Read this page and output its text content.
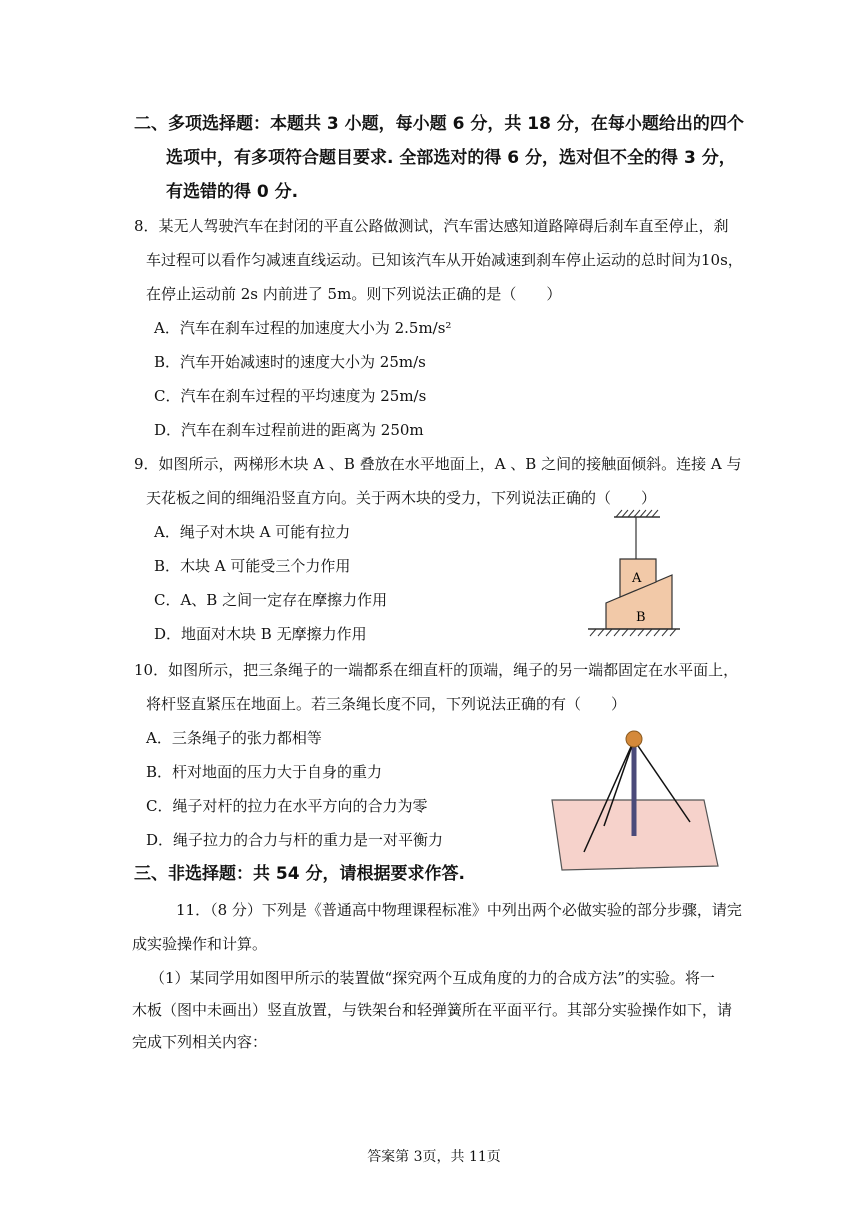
二、多项选择题：本题共 3 小题，每小题 6 分，共 18 分，在每小题给出的四个
选项中，有多项符合题目要求. 全部选对的得 6 分，选对但不全的得 3 分，
有选错的得 0 分.
8．某无人驾驶汽车在封闭的平直公路做测试，汽车雷达感知道路障碍后刹车直至停止，刹
车过程可以看作匀减速直线运动。已知该汽车从开始减速到刹车停止运动的总时间为10s，
在停止运动前 2s 内前进了 5m。则下列说法正确的是（　　）
A．汽车在刹车过程的加速度大小为 2.5m/s²
B．汽车开始减速时的速度大小为 25m/s
C．汽车在刹车过程的平均速度为 25m/s
D．汽车在刹车过程前进的距离为 250m
9．如图所示，两梯形木块 A 、B 叠放在水平地面上，A 、B 之间的接触面倾斜。连接 A 与
天花板之间的细绳沿竖直方向。关于两木块的受力，下列说法正确的（　　）
A．绳子对木块 A 可能有拉力
B．木块 A 可能受三个力作用
C．A、B 之间一定存在摩擦力作用
D．地面对木块 B 无摩擦力作用
A
B
10．如图所示，把三条绳子的一端都系在细直杆的顶端，绳子的另一端都固定在水平面上，
将杆竖直紧压在地面上。若三条绳长度不同，下列说法正确的有（　　）
A．三条绳子的张力都相等
B．杆对地面的压力大于自身的重力
C．绳子对杆的拉力在水平方向的合力为零
D．绳子拉力的合力与杆的重力是一对平衡力
三、非选择题：共 54 分，请根据要求作答.
11．（8 分）下列是《普通高中物理课程标准》中列出两个必做实验的部分步骤，请完
成实验操作和计算。
（1）某同学用如图甲所示的装置做“探究两个互成角度的力的合成方法”的实验。将一
木板（图中未画出）竖直放置，与铁架台和轻弹簧所在平面平行。其部分实验操作如下，请
完成下列相关内容：
答案第 3页，共 11页
